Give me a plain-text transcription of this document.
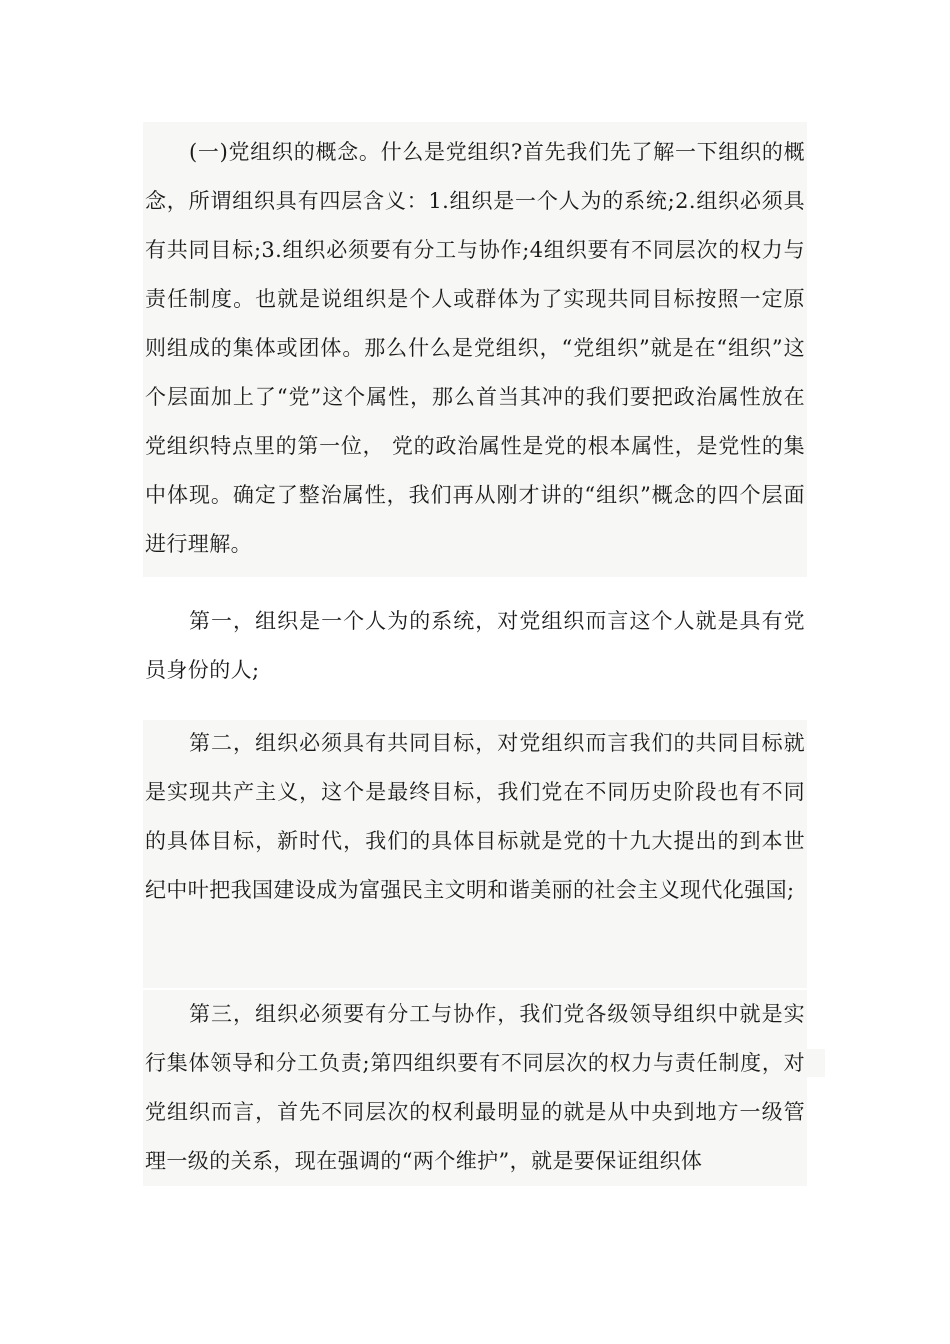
(一)党组织的概念。什么是党组织?首先我们先了解一下组织的概念，所谓组织具有四层含义：1.组织是一个人为的系统;2.组织必须具有共同目标;3.组织必须要有分工与协作;4组织要有不同层次的权力与责任制度。也就是说组织是个人或群体为了实现共同目标按照一定原则组成的集体或团体。那么什么是党组织，“党组织”就是在“组织”这个层面加上了“党”这个属性，那么首当其冲的我们要把政治属性放在党组织特点里的第一位， 党的政治属性是党的根本属性，是党性的集中体现。确定了整治属性，我们再从刚才讲的“组织”概念的四个层面进行理解。

第一，组织是一个人为的系统，对党组织而言这个人就是具有党员身份的人;

第二，组织必须具有共同目标，对党组织而言我们的共同目标就是实现共产主义，这个是最终目标，我们党在不同历史阶段也有不同的具体目标，新时代，我们的具体目标就是党的十九大提出的到本世纪中叶把我国建设成为富强民主文明和谐美丽的社会主义现代化强国;

第三，组织必须要有分工与协作，我们党各级领导组织中就是实行集体领导和分工负责;第四组织要有不同层次的权力与责任制度，对党组织而言，首先不同层次的权利最明显的就是从中央到地方一级管理一级的关系，现在强调的“两个维护”，就是要保证组织体
